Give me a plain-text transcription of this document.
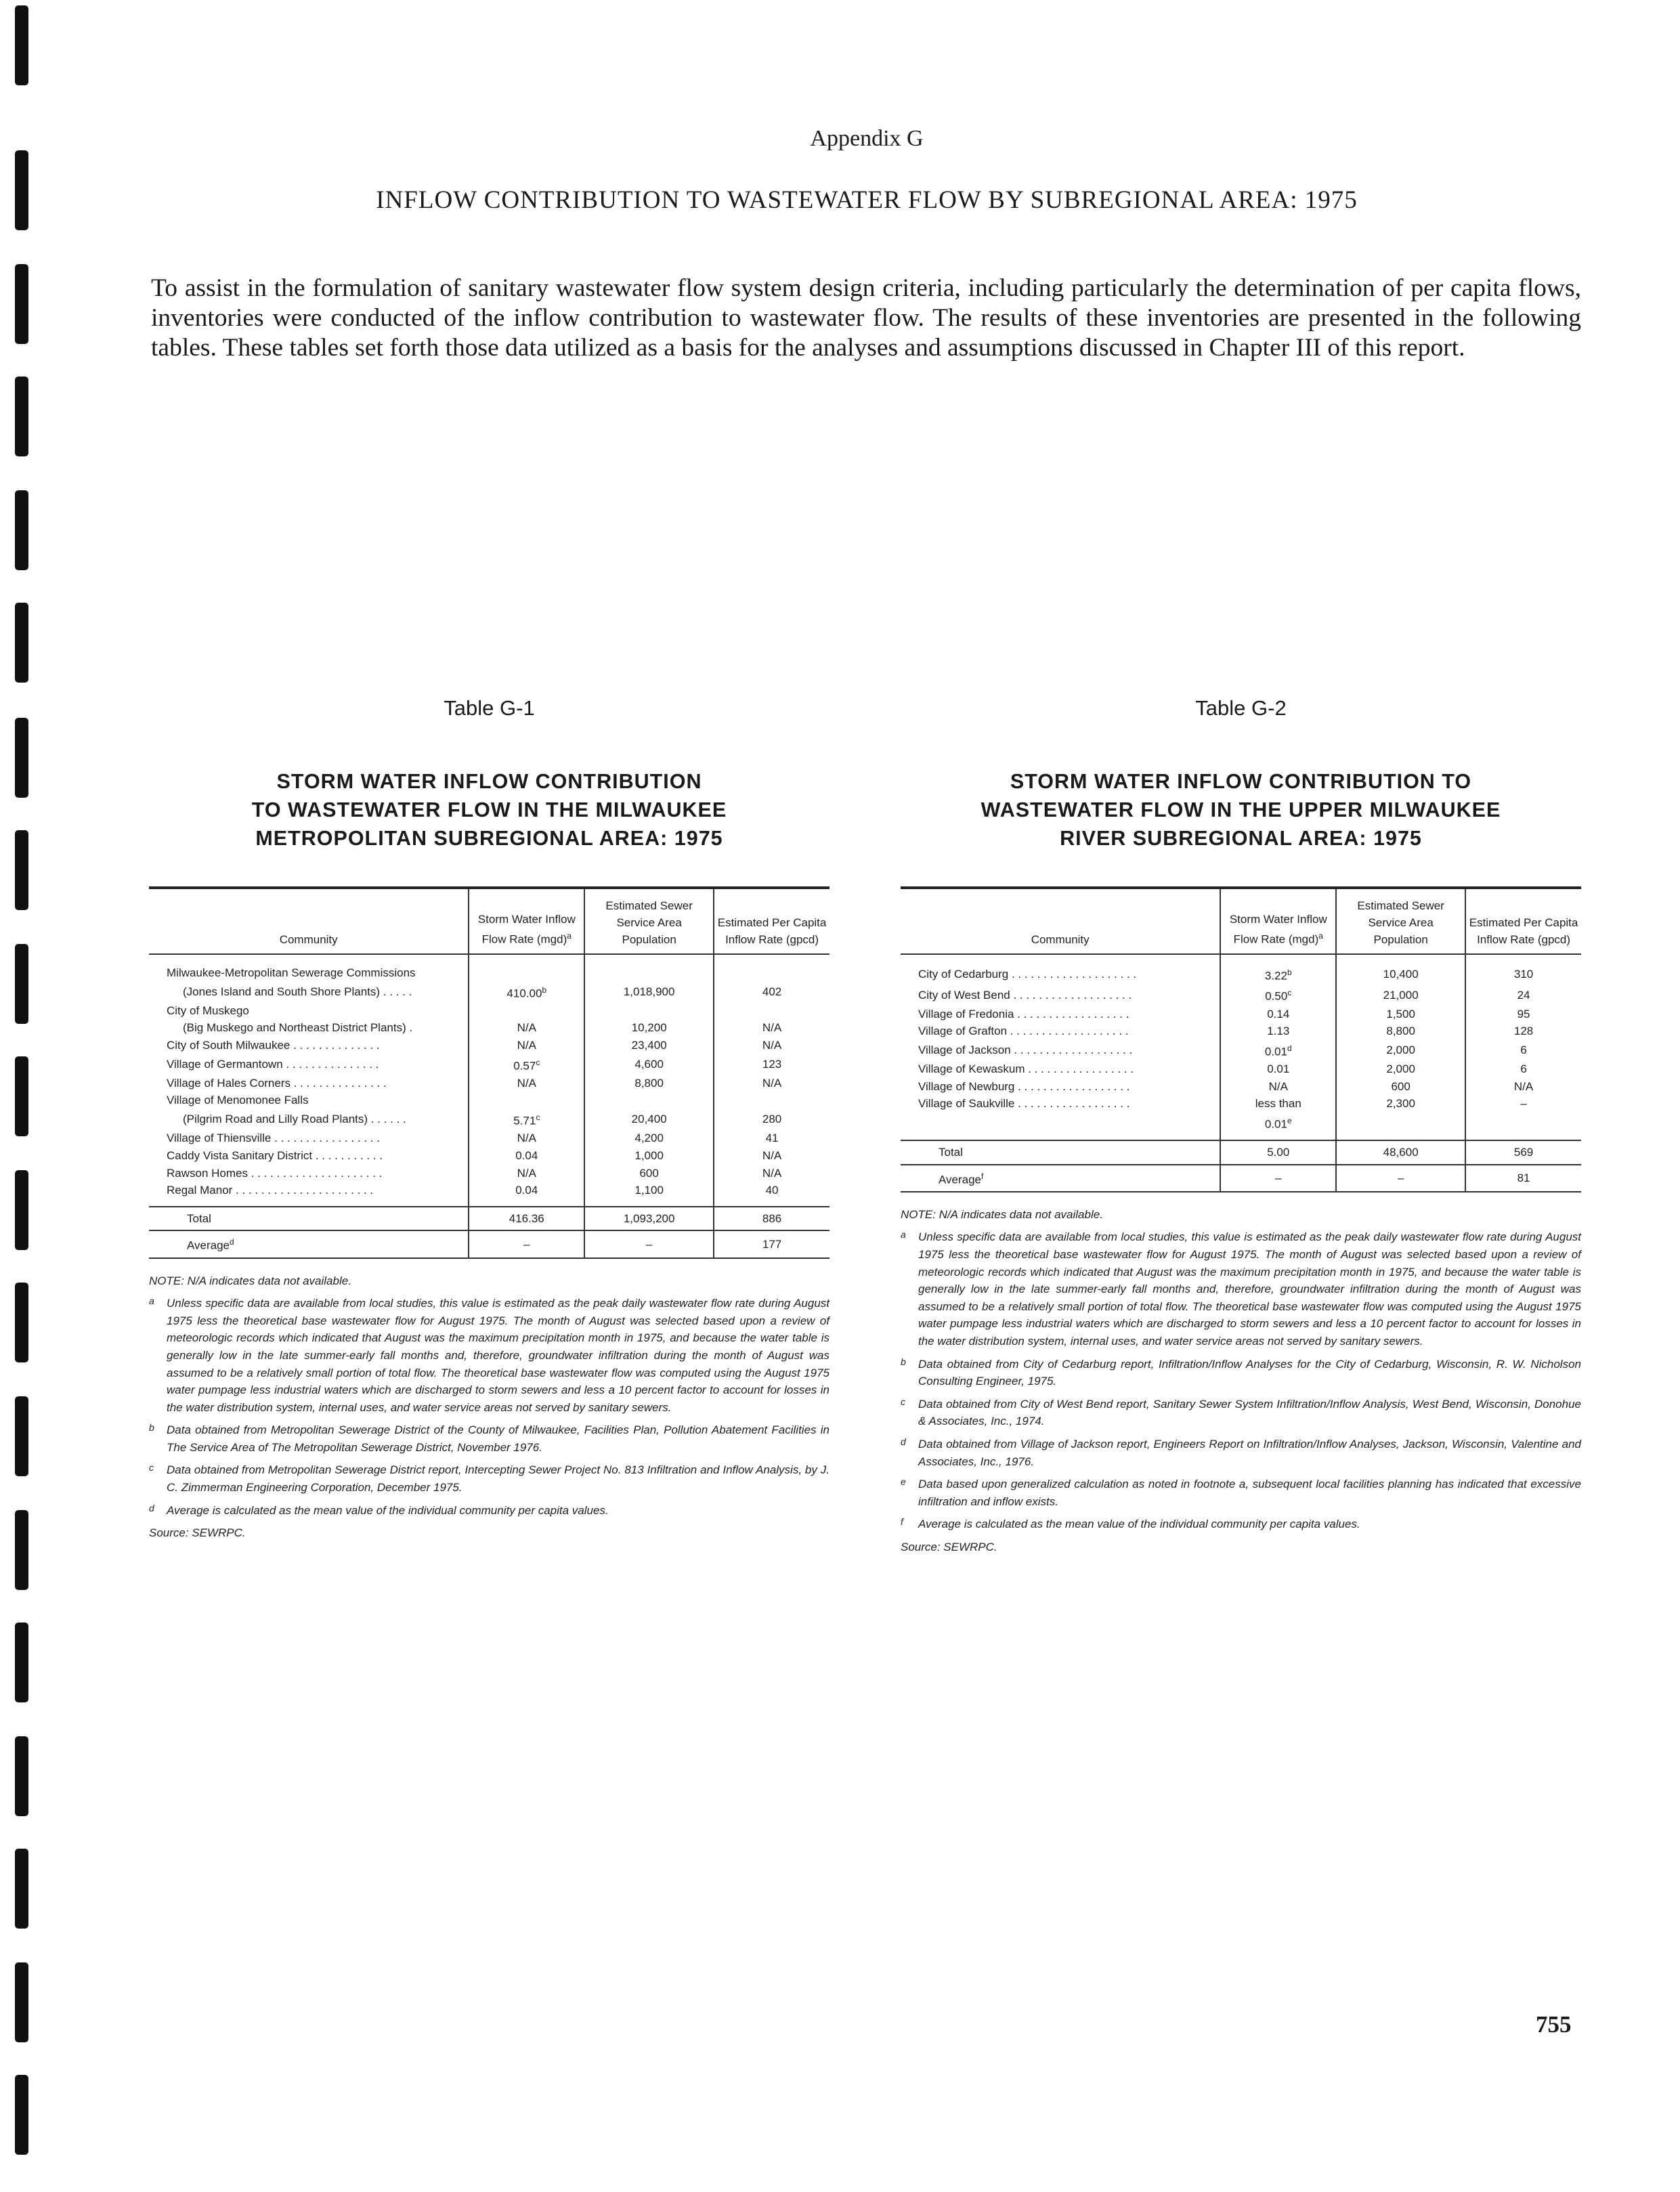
Appendix G
INFLOW CONTRIBUTION TO WASTEWATER FLOW BY SUBREGIONAL AREA: 1975
To assist in the formulation of sanitary wastewater flow system design criteria, including particularly the determination of per capita flows, inventories were conducted of the inflow contribution to wastewater flow. The results of these inventories are presented in the following tables. These tables set forth those data utilized as a basis for the analyses and assumptions discussed in Chapter III of this report.
Table G-1
STORM WATER INFLOW CONTRIBUTION
TO WASTEWATER FLOW IN THE MILWAUKEE
METROPOLITAN SUBREGIONAL AREA: 1975
Community	Storm Water Inflow Flow Rate (mgd)$^a$	Estimated Sewer Service Area Population	Estimated Per Capita Inflow Rate (gpcd)
Milwaukee-Metropolitan Sewerage Commissions			
(Jones Island and South Shore Plants) . . . . .	410.00$^b$	1,018,900	402
City of Muskego			
(Big Muskego and Northeast District Plants) .	N/A	10,200	N/A
City of South Milwaukee . . . . . . . . . . . . . .	N/A	23,400	N/A
Village of Germantown . . . . . . . . . . . . . . .	0.57$^c$	4,600	123
Village of Hales Corners . . . . . . . . . . . . . . .	N/A	8,800	N/A
Village of Menomonee Falls			
(Pilgrim Road and Lilly Road Plants) . . . . . .	5.71$^c$	20,400	280
Village of Thiensville . . . . . . . . . . . . . . . . .	N/A	4,200	41
Caddy Vista Sanitary District . . . . . . . . . . .	0.04	1,000	N/A
Rawson Homes . . . . . . . . . . . . . . . . . . . . .	N/A	600	N/A
Regal Manor . . . . . . . . . . . . . . . . . . . . . .	0.04	1,100	40
Total	416.36	1,093,200	886
Average$^d$	–	–	177
NOTE: N/A indicates data not available.
a	Unless specific data are available from local studies, this value is estimated as the peak daily wastewater flow rate during August 1975 less the theoretical base wastewater flow for August 1975. The month of August was selected based upon a review of meteorologic records which indicated that August was the maximum precipitation month in 1975, and because the water table is generally low in the late summer-early fall months and, therefore, groundwater infiltration during the month of August was assumed to be a relatively small portion of total flow. The theoretical base wastewater flow was computed using the August 1975 water pumpage less industrial waters which are discharged to storm sewers and less a 10 percent factor to account for losses in the water distribution system, internal uses, and water service areas not served by sanitary sewers.
b	Data obtained from Metropolitan Sewerage District of the County of Milwaukee, Facilities Plan, Pollution Abatement Facilities in The Service Area of The Metropolitan Sewerage District, November 1976.
c	Data obtained from Metropolitan Sewerage District report, Intercepting Sewer Project No. 813 Infiltration and Inflow Analysis, by J. C. Zimmerman Engineering Corporation, December 1975.
d	Average is calculated as the mean value of the individual community per capita values.
Source: SEWRPC.
Table G-2
STORM WATER INFLOW CONTRIBUTION TO
WASTEWATER FLOW IN THE UPPER MILWAUKEE
RIVER SUBREGIONAL AREA: 1975
Community	Storm Water Inflow Flow Rate (mgd)$^a$	Estimated Sewer Service Area Population	Estimated Per Capita Inflow Rate (gpcd)
City of Cedarburg . . . . . . . . . . . . . . . . . . . .	3.22$^b$	10,400	310
City of West Bend . . . . . . . . . . . . . . . . . . .	0.50$^c$	21,000	24
Village of Fredonia . . . . . . . . . . . . . . . . . .	0.14	1,500	95
Village of Grafton . . . . . . . . . . . . . . . . . . .	1.13	8,800	128
Village of Jackson . . . . . . . . . . . . . . . . . . .	0.01$^d$	2,000	6
Village of Kewaskum . . . . . . . . . . . . . . . . .	0.01	2,000	6
Village of Newburg . . . . . . . . . . . . . . . . . .	N/A	600	N/A
Village of Saukville . . . . . . . . . . . . . . . . . .	less than	2,300	–
	0.01e		
Total	5.00	48,600	569
Average$^f$	–	–	81
NOTE: N/A indicates data not available.
a	Unless specific data are available from local studies, this value is estimated as the peak daily wastewater flow rate during August 1975 less the theoretical base wastewater flow for August 1975. The month of August was selected based upon a review of meteorologic records which indicated that August was the maximum precipitation month in 1975, and because the water table is generally low in the late summer-early fall months and, therefore, groundwater infiltration during the month of August was assumed to be a relatively small portion of total flow. The theoretical base wastewater flow was computed using the August 1975 water pumpage less industrial waters which are discharged to storm sewers and less a 10 percent factor to account for losses in the water distribution system, internal uses, and water service areas not served by sanitary sewers.
b	Data obtained from City of Cedarburg report, Infiltration/Inflow Analyses for the City of Cedarburg, Wisconsin, R. W. Nicholson Consulting Engineer, 1975.
c	Data obtained from City of West Bend report, Sanitary Sewer System Infiltration/Inflow Analysis, West Bend, Wisconsin, Donohue & Associates, Inc., 1974.
d	Data obtained from Village of Jackson report, Engineers Report on Infiltration/Inflow Analyses, Jackson, Wisconsin, Valentine and Associates, Inc., 1976.
e	Data based upon generalized calculation as noted in footnote a, subsequent local facilities planning has indicated that excessive infiltration and inflow exists.
f	Average is calculated as the mean value of the individual community per capita values.
Source: SEWRPC.
755
